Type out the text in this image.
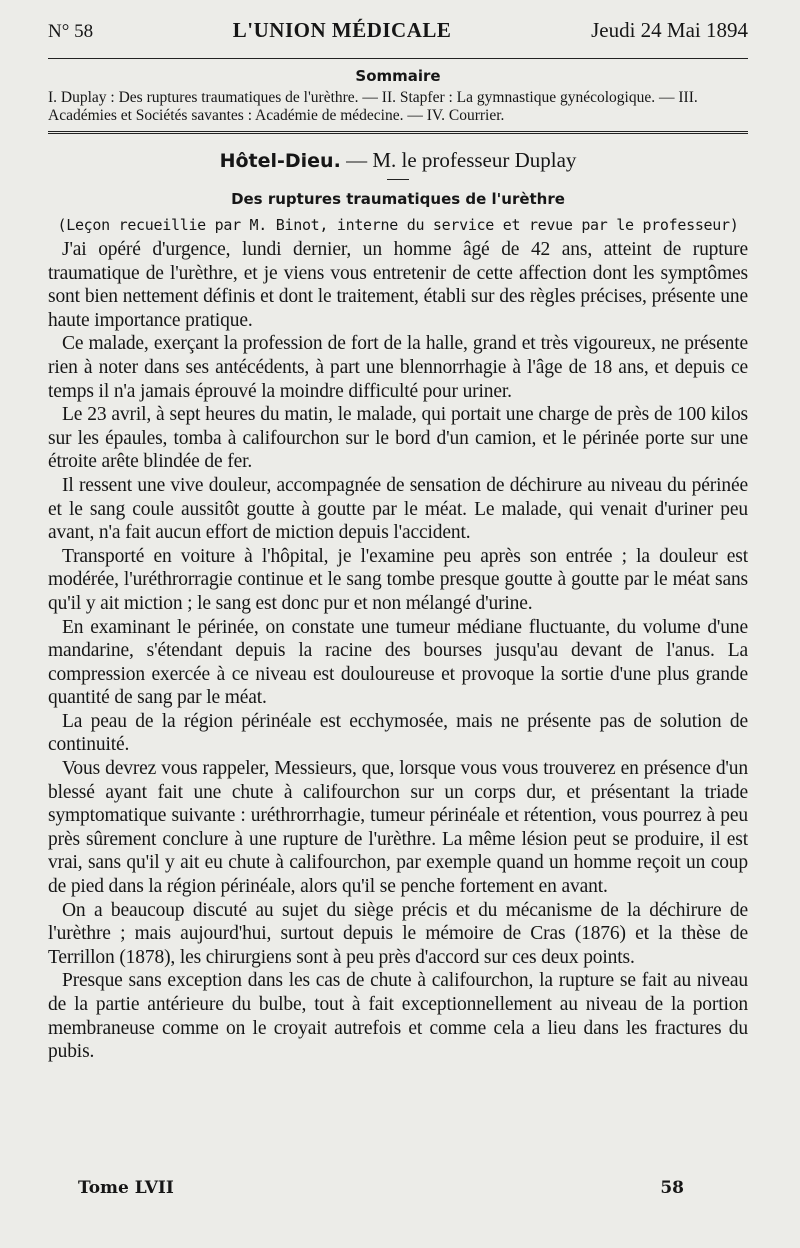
N° 58	L'UNION MÉDICALE	Jeudi 24 Mai 1894
Sommaire
I. Duplay : Des ruptures traumatiques de l'urèthre. — II. Stapfer : La gymnastique gynécologique. — III. Académies et Sociétés savantes : Académie de médecine. — IV. Courrier.
Hôtel-Dieu. — M. le professeur Duplay
Des ruptures traumatiques de l'urèthre
(Leçon recueillie par M. Binot, interne du service et revue par le professeur)

J'ai opéré d'urgence, lundi dernier, un homme âgé de 42 ans, atteint de rupture traumatique de l'urèthre, et je viens vous entretenir de cette affection dont les symptômes sont bien nettement définis et dont le traitement, établi sur des règles précises, présente une haute importance pratique.

Ce malade, exerçant la profession de fort de la halle, grand et très vigoureux, ne présente rien à noter dans ses antécédents, à part une blennorrhagie à l'âge de 18 ans, et depuis ce temps il n'a jamais éprouvé la moindre difficulté pour uriner.

Le 23 avril, à sept heures du matin, le malade, qui portait une charge de près de 100 kilos sur les épaules, tomba à califourchon sur le bord d'un camion, et le périnée porte sur une étroite arête blindée de fer.

Il ressent une vive douleur, accompagnée de sensation de déchirure au niveau du périnée et le sang coule aussitôt goutte à goutte par le méat. Le malade, qui venait d'uriner peu avant, n'a fait aucun effort de miction depuis l'accident.

Transporté en voiture à l'hôpital, je l'examine peu après son entrée ; la douleur est modérée, l'uréthrorragie continue et le sang tombe presque goutte à goutte par le méat sans qu'il y ait miction ; le sang est donc pur et non mélangé d'urine.

En examinant le périnée, on constate une tumeur médiane fluctuante, du volume d'une mandarine, s'étendant depuis la racine des bourses jusqu'au devant de l'anus. La compression exercée à ce niveau est douloureuse et provoque la sortie d'une plus grande quantité de sang par le méat.

La peau de la région périnéale est ecchymosée, mais ne présente pas de solution de continuité.

Vous devrez vous rappeler, Messieurs, que, lorsque vous vous trouverez en présence d'un blessé ayant fait une chute à califourchon sur un corps dur, et présentant la triade symptomatique suivante : uréthrorrhagie, tumeur périnéale et rétention, vous pourrez à peu près sûrement conclure à une rupture de l'urèthre. La même lésion peut se produire, il est vrai, sans qu'il y ait eu chute à califourchon, par exemple quand un homme reçoit un coup de pied dans la région périnéale, alors qu'il se penche fortement en avant.

On a beaucoup discuté au sujet du siège précis et du mécanisme de la déchirure de l'urèthre ; mais aujourd'hui, surtout depuis le mémoire de Cras (1876) et la thèse de Terrillon (1878), les chirurgiens sont à peu près d'accord sur ces deux points.

Presque sans exception dans les cas de chute à califourchon, la rupture se fait au niveau de la partie antérieure du bulbe, tout à fait exceptionnellement au niveau de la portion membraneuse comme on le croyait autrefois et comme cela a lieu dans les fractures du pubis.

Tome LVII	58
